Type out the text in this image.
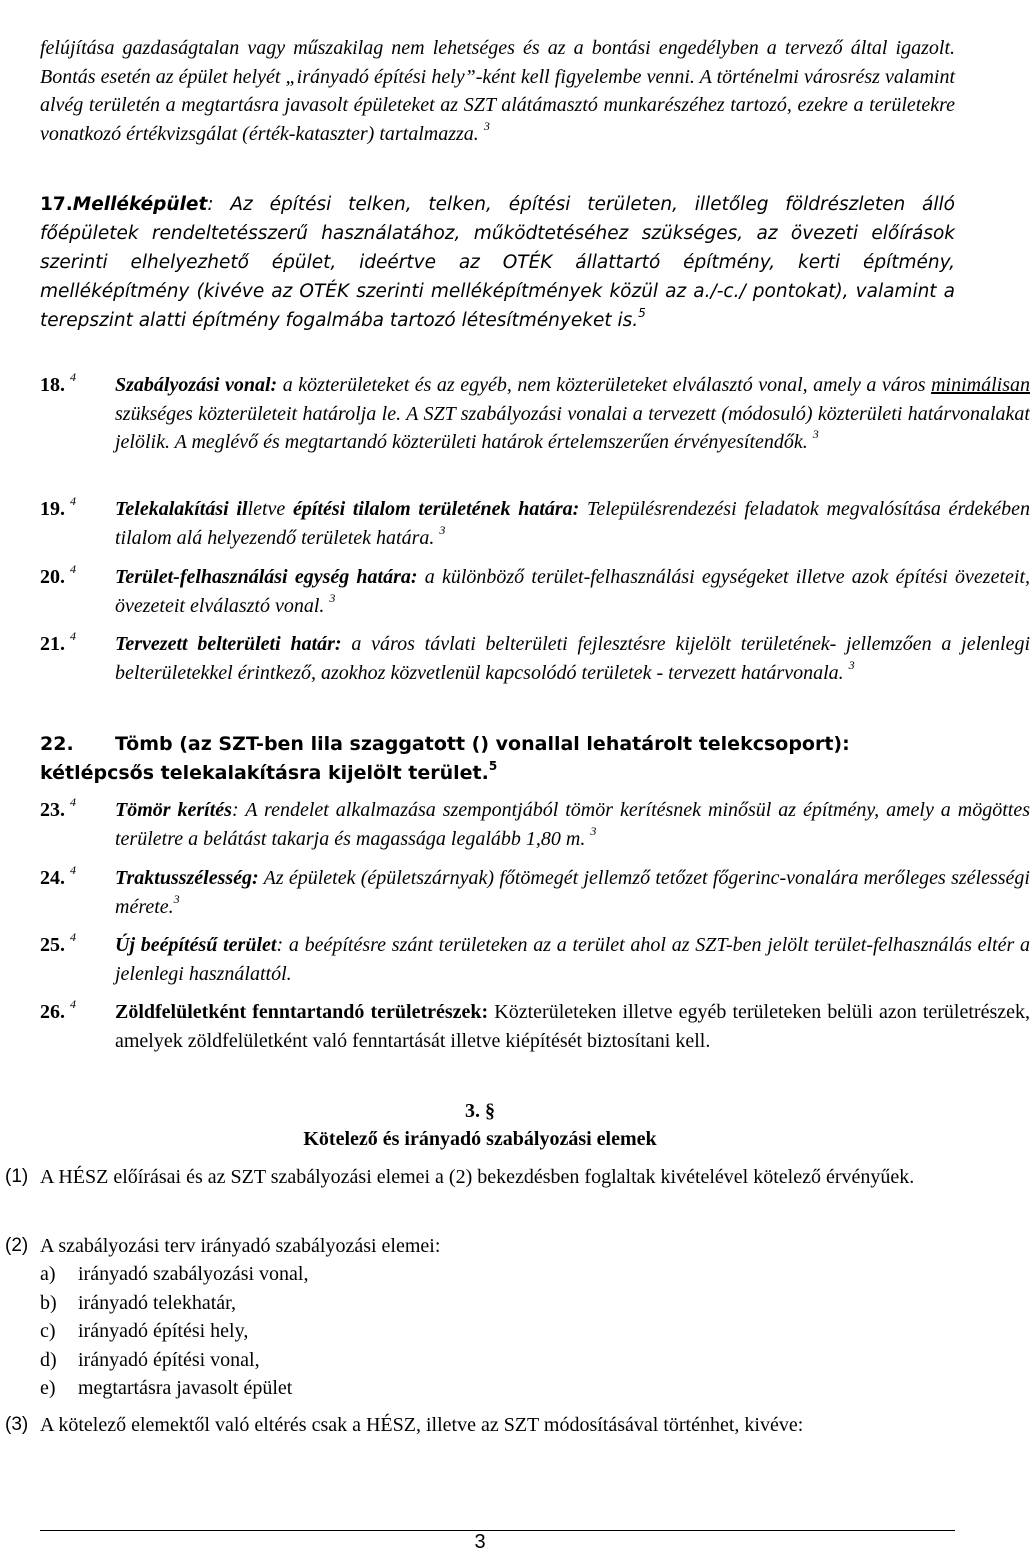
felújítása gazdaságtalan vagy műszakilag nem lehetséges és az a bontási engedélyben a tervező által igazolt. Bontás esetén az épület helyét „irányadó építési hely”-ként kell figyelembe venni. A történelmi városrész valamint alvég területén a megtartásra javasolt épületeket az SZT alátámasztó munkarészéhez tartozó, ezekre a területekre vonatkozó értékvizsgálat (érték-kataszter) tartalmazza. $^3$
17.Melléképület: Az építési telken, telken, építési területen, illetőleg földrészleten álló főépületek rendeltetésszerű használatához, működtetéséhez szükséges, az övezeti előírások szerinti elhelyezhető épület, ideértve az OTÉK állattartó építmény, kerti építmény, melléképítmény (kivéve az OTÉK szerinti melléképítmények közül az a./-c./ pontokat), valamint a terepszint alatti építmény fogalmába tartozó létesítményeket is.$^5$
18. $^4$ Szabályozási vonal: a közterületeket és az egyéb, nem közterületeket elválasztó vonal, amely a város minimálisan szükséges közterületeit határolja le. A SZT szabályozási vonalai a tervezett (módosuló) közterületi határvonalakat jelölik. A meglévő és megtartandó közterületi határok értelemszerűen érvényesítendők. $^3$
19. $^4$ Telekalakítási illetve építési tilalom területének határa: Településrendezési feladatok megvalósítása érdekében tilalom alá helyezendő területek határa. $^3$
20. $^4$ Terület-felhasználási egység határa: a különböző terület-felhasználási egységeket illetve azok építési övezeteit, övezeteit elválasztó vonal. $^3$
21. $^4$ Tervezett belterületi határ: a város távlati belterületi fejlesztésre kijelölt területének- jellemzően a jelenlegi belterületekkel érintkező, azokhoz közvetlenül kapcsolódó területek - tervezett határvonala. $^3$
22. Tömb (az SZT-ben lila szaggatott () vonallal lehatárolt telekcsoport):
kétlépcsős telekalakításra kijelölt terület.$^5$
23. $^4$ Tömör kerítés: A rendelet alkalmazása szempontjából tömör kerítésnek minősül az építmény, amely a mögöttes területre a belátást takarja és magassága legalább 1,80 m. $^3$
24. $^4$ Traktusszélesség: Az épületek (épületszárnyak) főtömegét jellemző tetőzet főgerinc-vonalára merőleges szélességi mérete.$^3$
25. $^4$ Új beépítésű terület: a beépítésre szánt területeken az a terület ahol az SZT-ben jelölt terület-felhasználás eltér a jelenlegi használattól.
26. $^4$ Zöldfelületként fenntartandó területrészek: Közterületeken illetve egyéb területeken belüli azon területrészek, amelyek zöldfelületként való fenntartását illetve kiépítését biztosítani kell.
3. §
Kötelező és irányadó szabályozási elemek
(1) A HÉSZ előírásai és az SZT szabályozási elemei a (2) bekezdésben foglaltak kivételével kötelező érvényűek.
(2) A szabályozási terv irányadó szabályozási elemei:
a) irányadó szabályozási vonal,
b) irányadó telekhatár,
c) irányadó építési hely,
d) irányadó építési vonal,
e) megtartásra javasolt épület
(3) A kötelező elemektől való eltérés csak a HÉSZ, illetve az SZT módosításával történhet, kivéve:
3
